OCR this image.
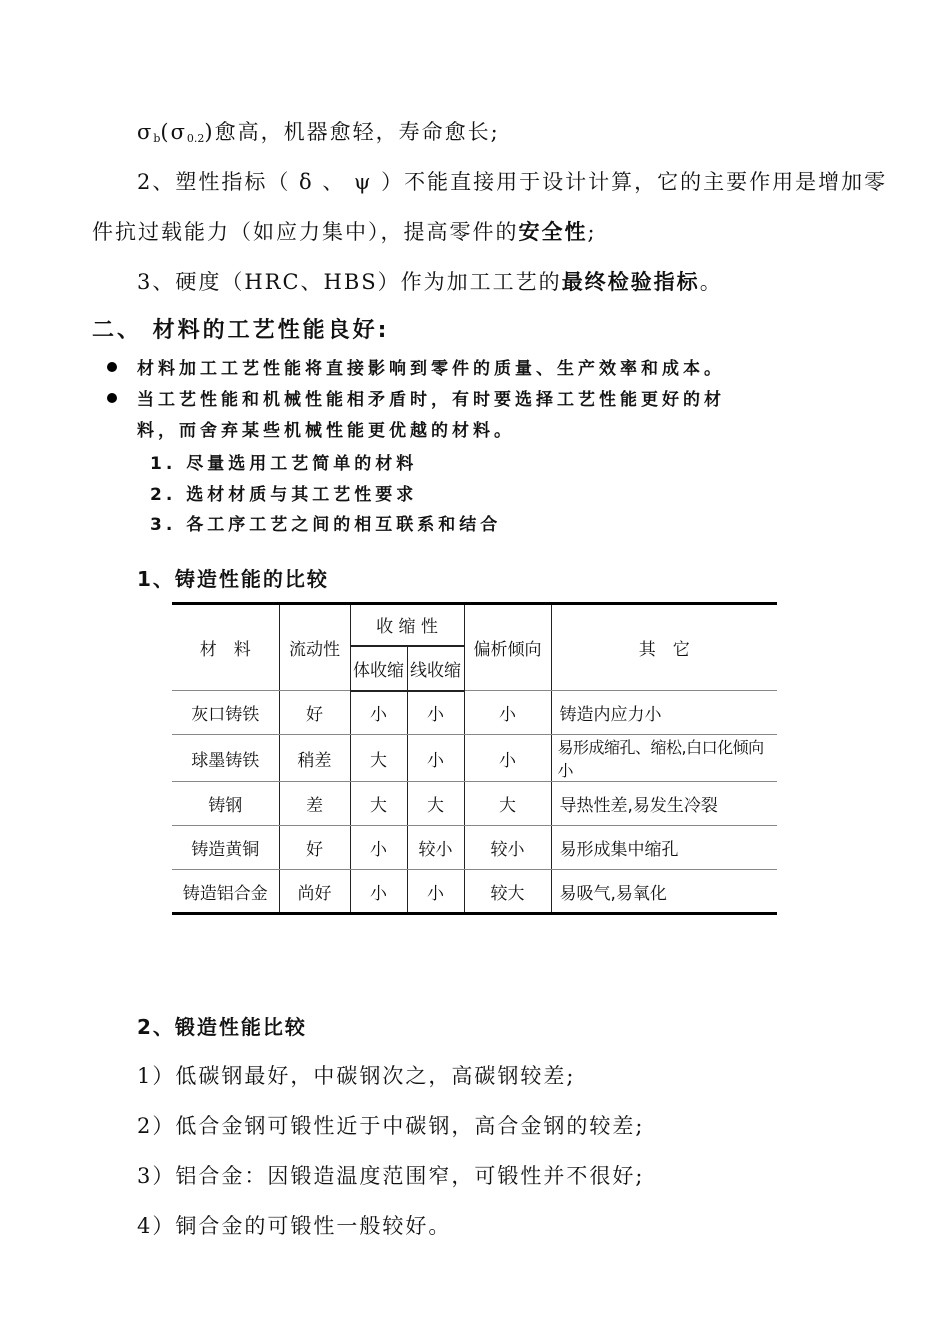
$\sigma_b(\sigma_{0.2})$愈高，机器愈轻，寿命愈长;
2、塑性指标（ δ 、 ψ ）不能直接用于设计计算，它的主要作用是增加零
件抗过载能力（如应力集中），提高零件的安全性;
3、硬度（HRC、HBS）作为加工工艺的最终检验指标。
二、 材料的工艺性能良好:
材料加工工艺性能将直接影响到零件的质量、生产效率和成本。
当工艺性能和机械性能相矛盾时，有时要选择工艺性能更好的材
料，而舍弃某些机械性能更优越的材料。
1. 尽量选用工艺简单的材料
2. 选材材质与其工艺性要求
3. 各工序工艺之间的相互联系和结合
1、铸造性能的比较
材　料	流动性	收 缩 性		偏析倾向	其　它
		体收缩	线收缩		
灰口铸铁	好	小	小	小	铸造内应力小
球墨铸铁	稍差	大	小	小	易形成缩孔、缩松,白口化倾向小
铸钢	差	大	大	大	导热性差,易发生冷裂
铸造黄铜	好	小	较小	较小	易形成集中缩孔
铸造铝合金	尚好	小	小	较大	易吸气,易氧化
2、锻造性能比较
1）低碳钢最好，中碳钢次之，高碳钢较差;
2）低合金钢可锻性近于中碳钢，高合金钢的较差;
3）铝合金：因锻造温度范围窄，可锻性并不很好;
4）铜合金的可锻性一般较好。
